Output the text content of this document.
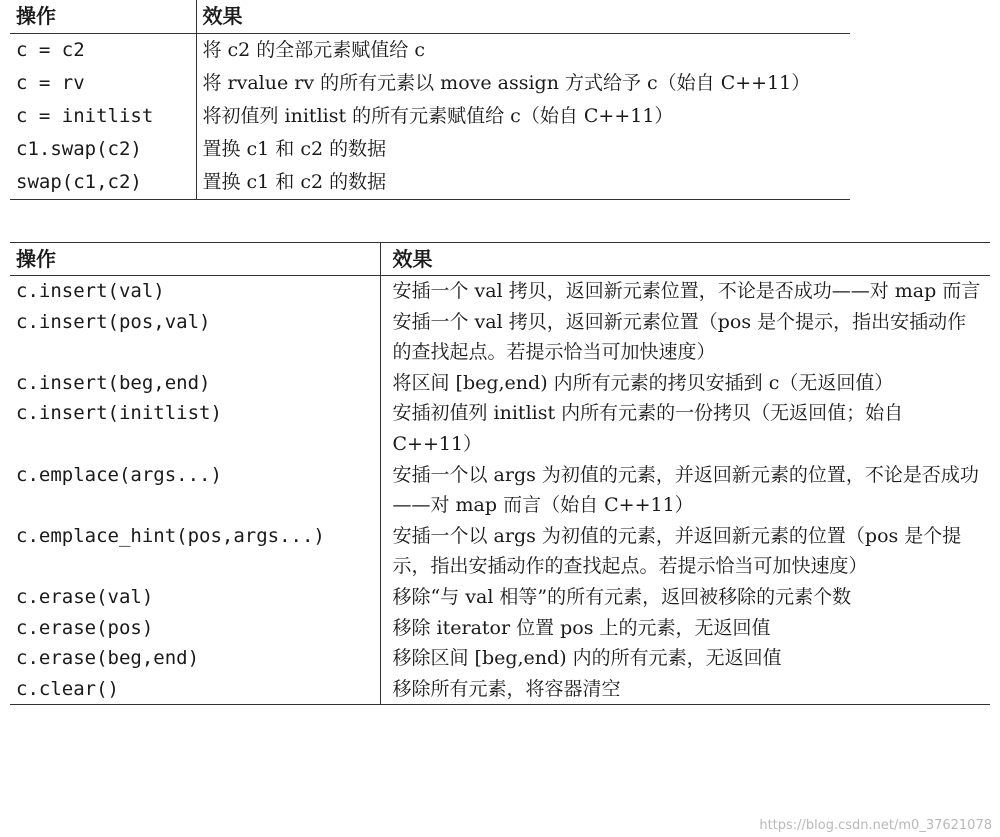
操作	效果
c = c2	将 c2 的全部元素赋值给 c
c = rv	将 rvalue rv 的所有元素以 move assign 方式给予 c（始自 C++11）
c = initlist	将初值列 initlist 的所有元素赋值给 c（始自 C++11）
c1.swap(c2)	置换 c1 和 c2 的数据
swap(c1,c2)	置换 c1 和 c2 的数据
操作	效果
c.insert(val)	安插一个 val 拷贝，返回新元素位置，不论是否成功——对 map 而言
c.insert(pos,val)	安插一个 val 拷贝，返回新元素位置（pos 是个提示，指出安插动作的查找起点。若提示恰当可加快速度）
c.insert(beg,end)	将区间 [beg,end) 内所有元素的拷贝安插到 c（无返回值）
c.insert(initlist)	安插初值列 initlist 内所有元素的一份拷贝（无返回值；始自 C++11）
c.emplace(args...)	安插一个以 args 为初值的元素，并返回新元素的位置，不论是否成功——对 map 而言（始自 C++11）
c.emplace_hint(pos,args...)	安插一个以 args 为初值的元素，并返回新元素的位置（pos 是个提示，指出安插动作的查找起点。若提示恰当可加快速度）
c.erase(val)	移除“与 val 相等”的所有元素，返回被移除的元素个数
c.erase(pos)	移除 iterator 位置 pos 上的元素，无返回值
c.erase(beg,end)	移除区间 [beg,end) 内的所有元素，无返回值
c.clear()	移除所有元素，将容器清空
https://blog.csdn.net/m0_37621078
